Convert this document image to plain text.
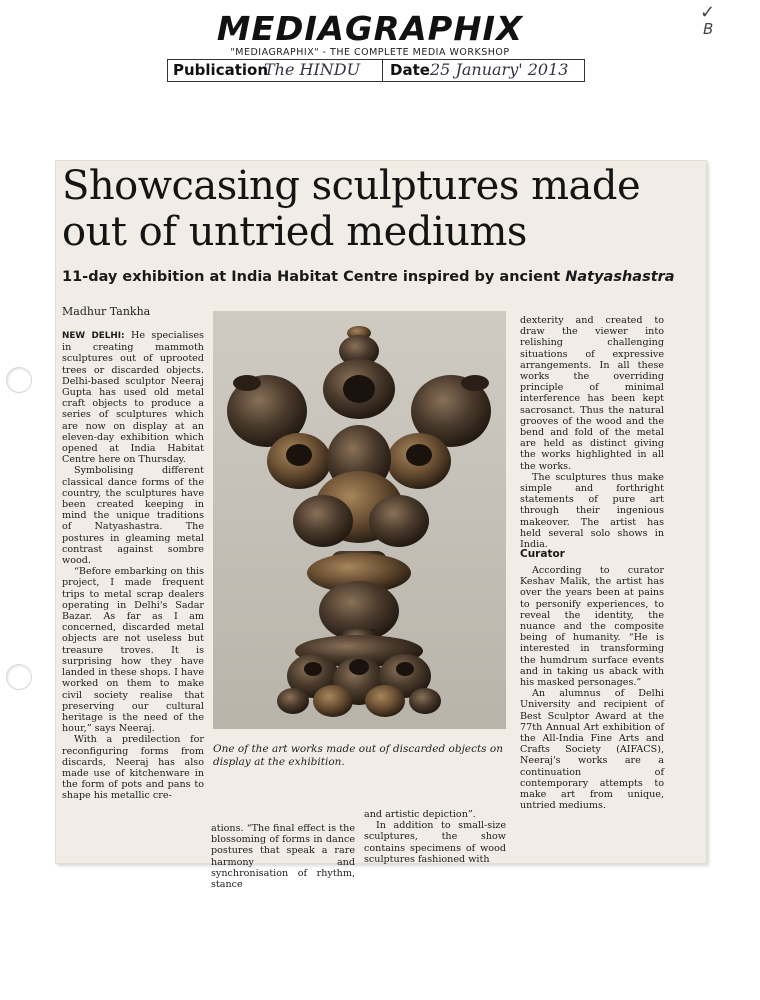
✓
B
MEDIAGRAPHIX
"MEDIAGRAPHIX" - THE COMPLETE MEDIA WORKSHOP
Publication
The HINDU Date 25 January' 2013
Showcasing sculptures made out of untried mediums
11-day exhibition at India Habitat Centre inspired by ancient Natyashastra
Madhur Tankha

NEW DELHI: He specialises in creating mammoth sculptures out of uprooted trees or discarded objects. Delhi-based sculptor Neeraj Gupta has used old metal craft objects to produce a series of sculptures which are now on display at an eleven-day exhibition which opened at India Habitat Centre here on Thursday.

Symbolising different classical dance forms of the country, the sculptures have been created keeping in mind the unique traditions of Natyashastra. The postures in gleaming metal contrast against sombre wood.

“Before embarking on this project, I made frequent trips to metal scrap dealers operating in Delhi's Sadar Bazar. As far as I am concerned, discarded metal objects are not useless but treasure troves. It is surprising how they have landed in these shops. I have worked on them to make civil society realise that preserving our cultural heritage is the need of the hour,” says Neeraj.

With a predilection for reconfiguring forms from discards, Neeraj has also made use of kitchenware in the form of pots and pans to shape his metallic cre-

One of the art works made out of discarded objects on display at the exhibition.

ations. “The final effect is the blossoming of forms in dance postures that speak a rare harmony and synchronisation of rhythm, stance

and artistic depiction”.

In addition to small-size sculptures, the show contains specimens of wood sculptures fashioned with

dexterity and created to draw the viewer into relishing challenging situations of expressive arrangements. In all these works the overriding principle of minimal interference has been kept sacrosanct. Thus the natural grooves of the wood and the bend and fold of the metal are held as distinct giving the works highlighted in all the works.

The sculptures thus make simple and forthright statements of pure art through their ingenious makeover. The artist has held several solo shows in India.

Curator

According to curator Keshav Malik, the artist has over the years been at pains to personify experiences, to reveal the identity, the nuance and the composite being of humanity. “He is interested in transforming the humdrum surface events and in taking us aback with his masked personages.”

An alumnus of Delhi University and recipient of Best Sculptor Award at the 77th Annual Art exhibition of the All-India Fine Arts and Crafts Society (AIFACS), Neeraj's works are a continuation of contemporary attempts to make art from unique, untried mediums.
